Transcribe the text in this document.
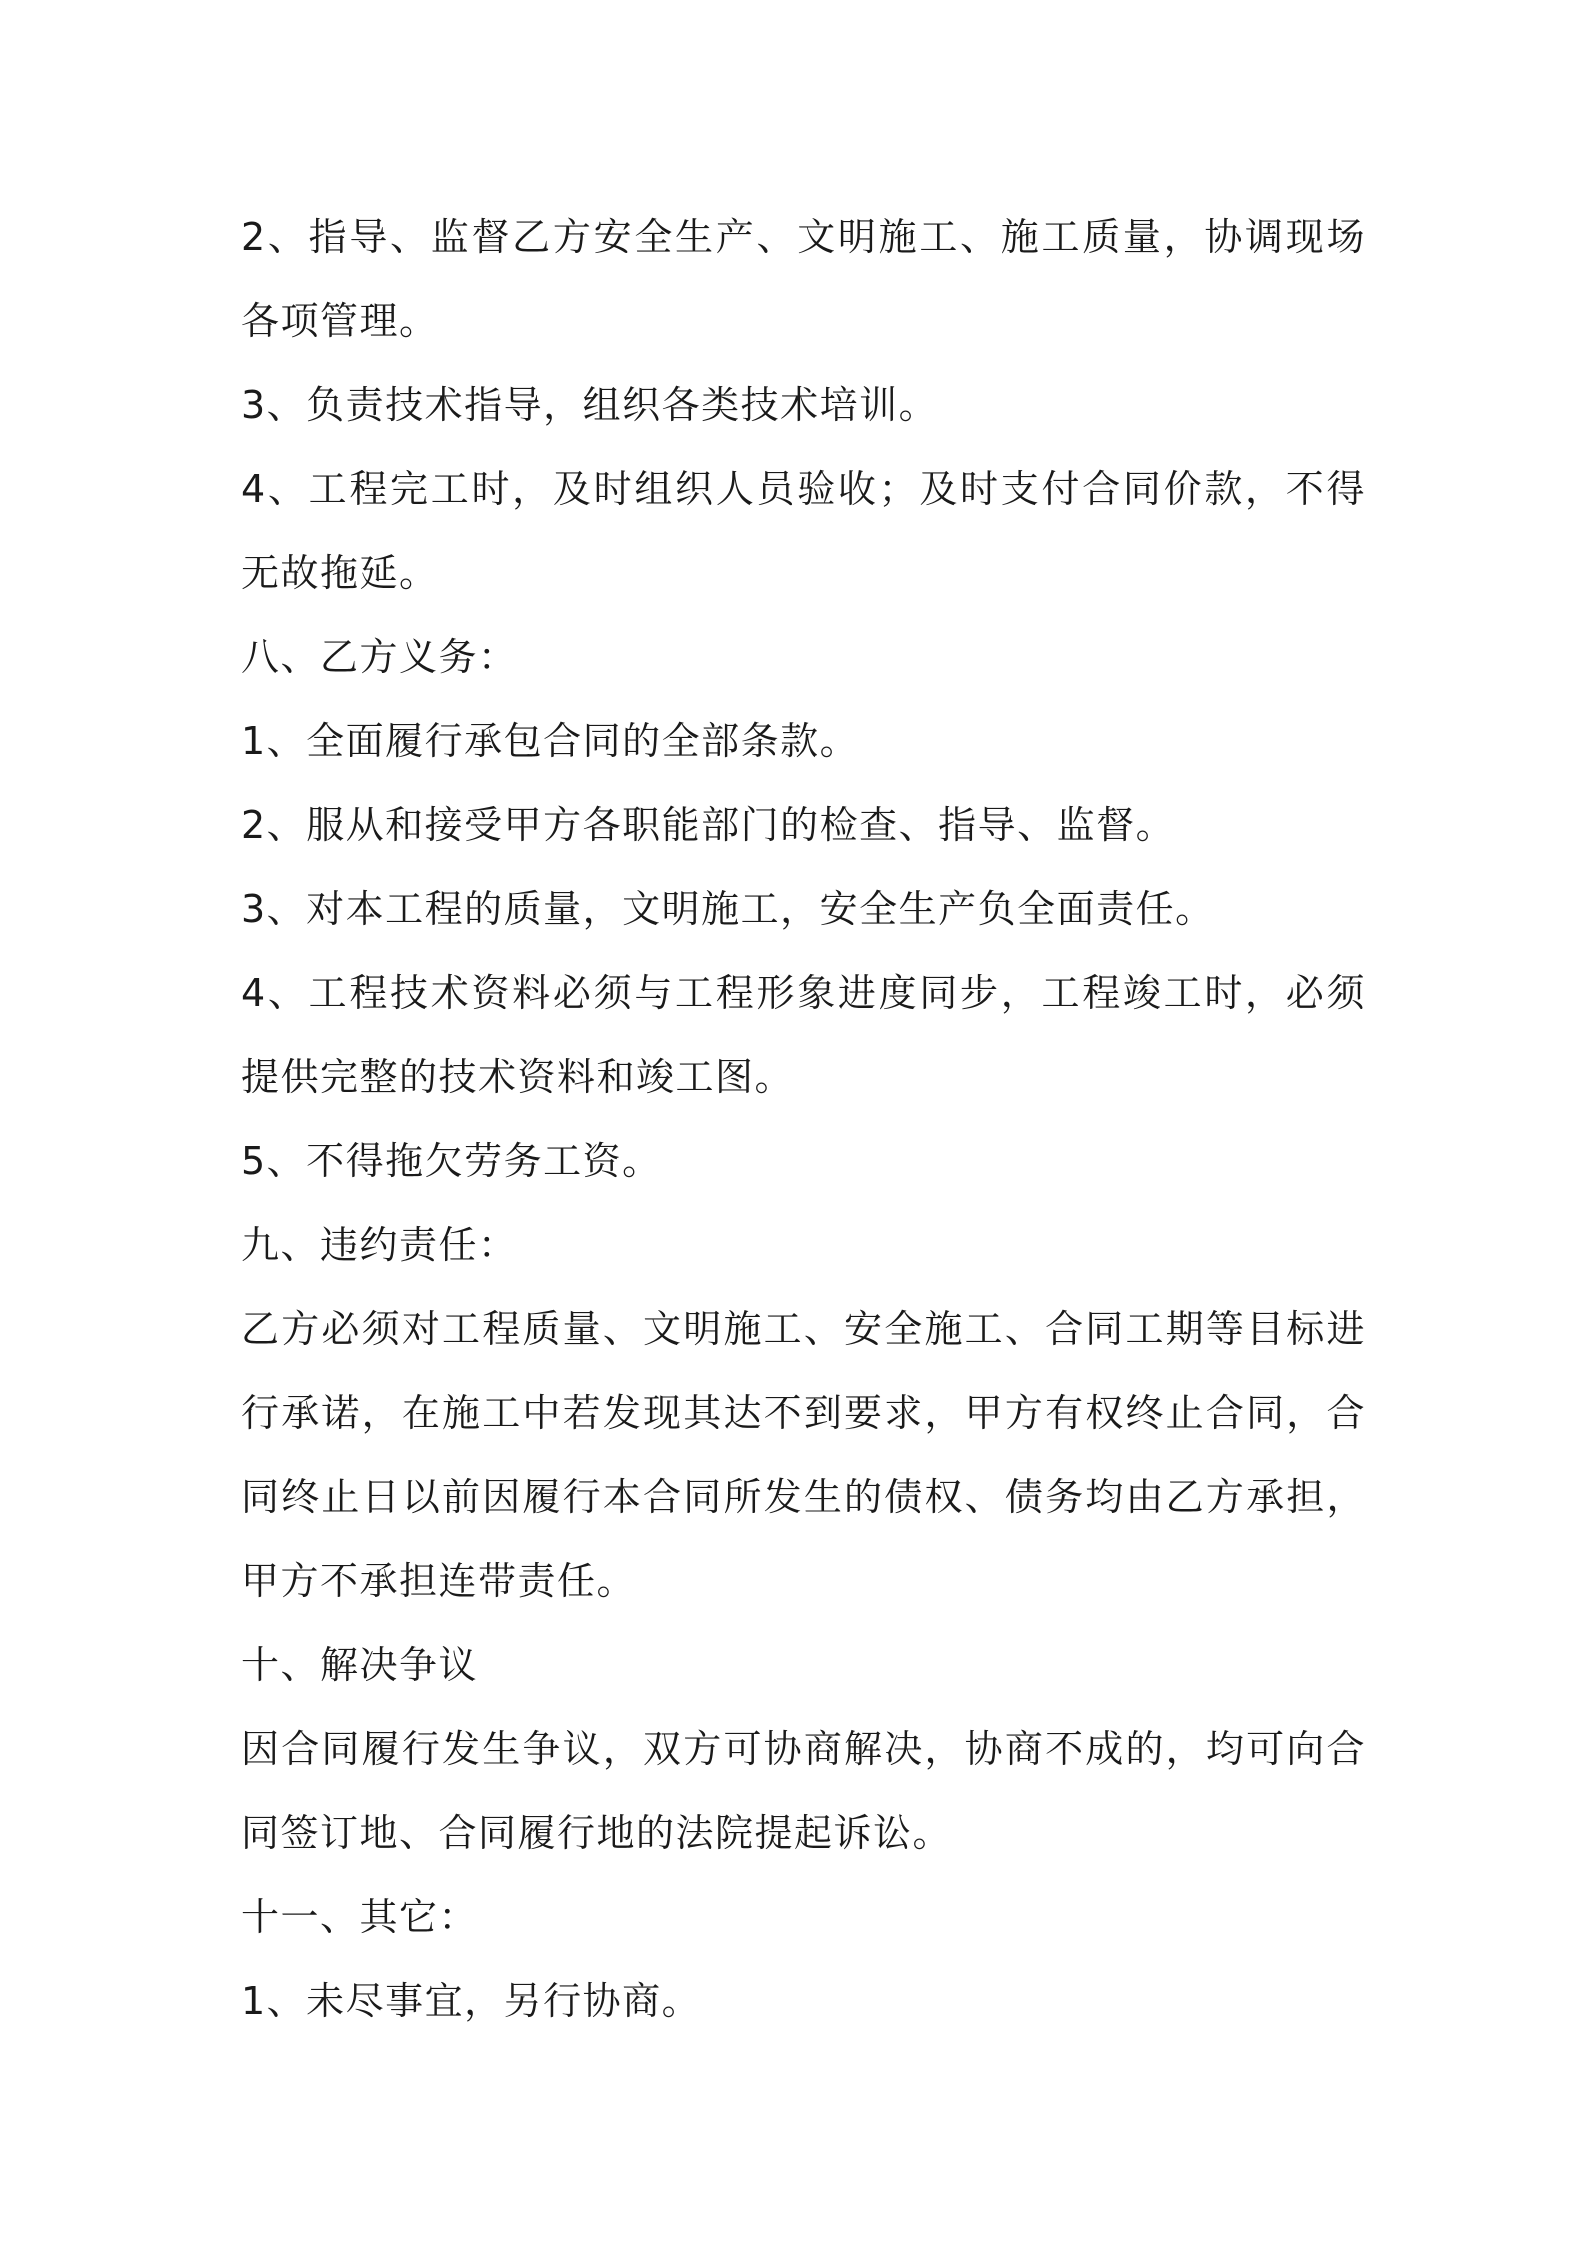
2、指导、监督乙方安全生产、文明施工、施工质量，协调现场各项管理。

3、负责技术指导，组织各类技术培训。

4、工程完工时，及时组织人员验收；及时支付合同价款，不得无故拖延。

八、乙方义务：

1、全面履行承包合同的全部条款。

2、服从和接受甲方各职能部门的检查、指导、监督。

3、对本工程的质量，文明施工，安全生产负全面责任。

4、工程技术资料必须与工程形象进度同步，工程竣工时，必须提供完整的技术资料和竣工图。

5、不得拖欠劳务工资。

九、违约责任：

乙方必须对工程质量、文明施工、安全施工、合同工期等目标进行承诺，在施工中若发现其达不到要求，甲方有权终止合同，合同终止日以前因履行本合同所发生的债权、债务均由乙方承担，甲方不承担连带责任。

十、解决争议

因合同履行发生争议，双方可协商解决，协商不成的，均可向合同签订地、合同履行地的法院提起诉讼。

十一、其它：

1、未尽事宜，另行协商。
